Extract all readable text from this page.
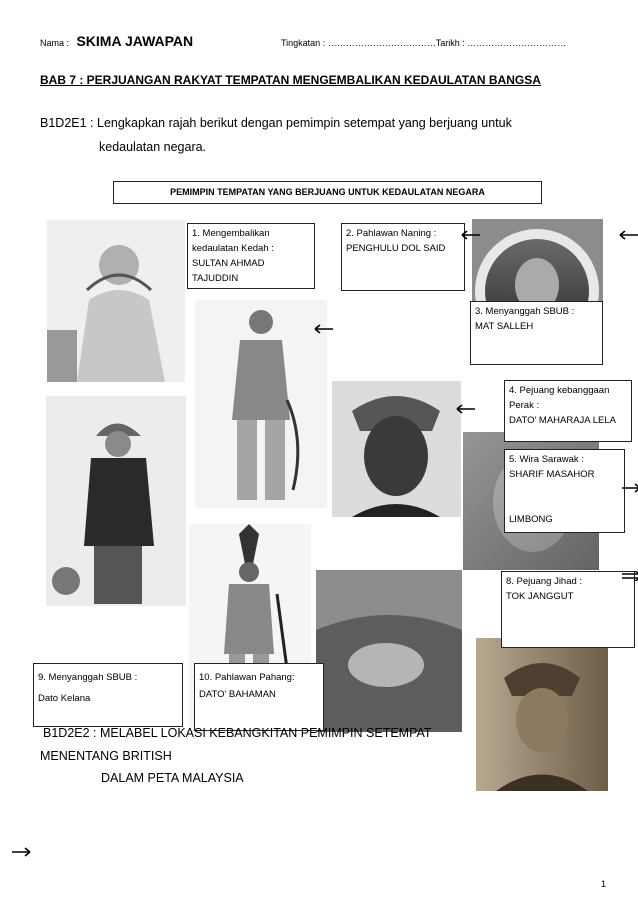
Nama : SKIMA JAWAPAN	Tingkatan : ………………………………Tarikh : ……………………………
BAB 7 : PERJUANGAN RAKYAT TEMPATAN MENGEMBALIKAN KEDAULATAN BANGSA
B1D2E1 : Lengkapkan rajah berikut dengan pemimpin setempat yang berjuang untuk
kedaulatan negara.
PEMIMPIN TEMPATAN YANG BERJUANG UNTUK KEDAULATAN NEGARA
1. Mengembalikan
kedaulatan Kedah :
SULTAN AHMAD
TAJUDDIN
2. Pahlawan Naning :
PENGHULU DOL SAID
3. Menyanggah SBUB :
MAT SALLEH
4. Pejuang kebanggaan
Perak :
DATO’ MAHARAJA LELA
5. Wira Sarawak :
SHARIF MASAHOR
LIMBONG
8. Pejuang Jihad :
TOK JANGGUT
9. Menyanggah SBUB :
Dato Kelana
10. Pahlawan Pahang:
DATO’ BAHAMAN
B1D2E2 : MELABEL LOKASI KEBANGKITAN PEMIMPIN SETEMPAT
MENENTANG BRITISH
DALAM PETA MALAYSIA
1
